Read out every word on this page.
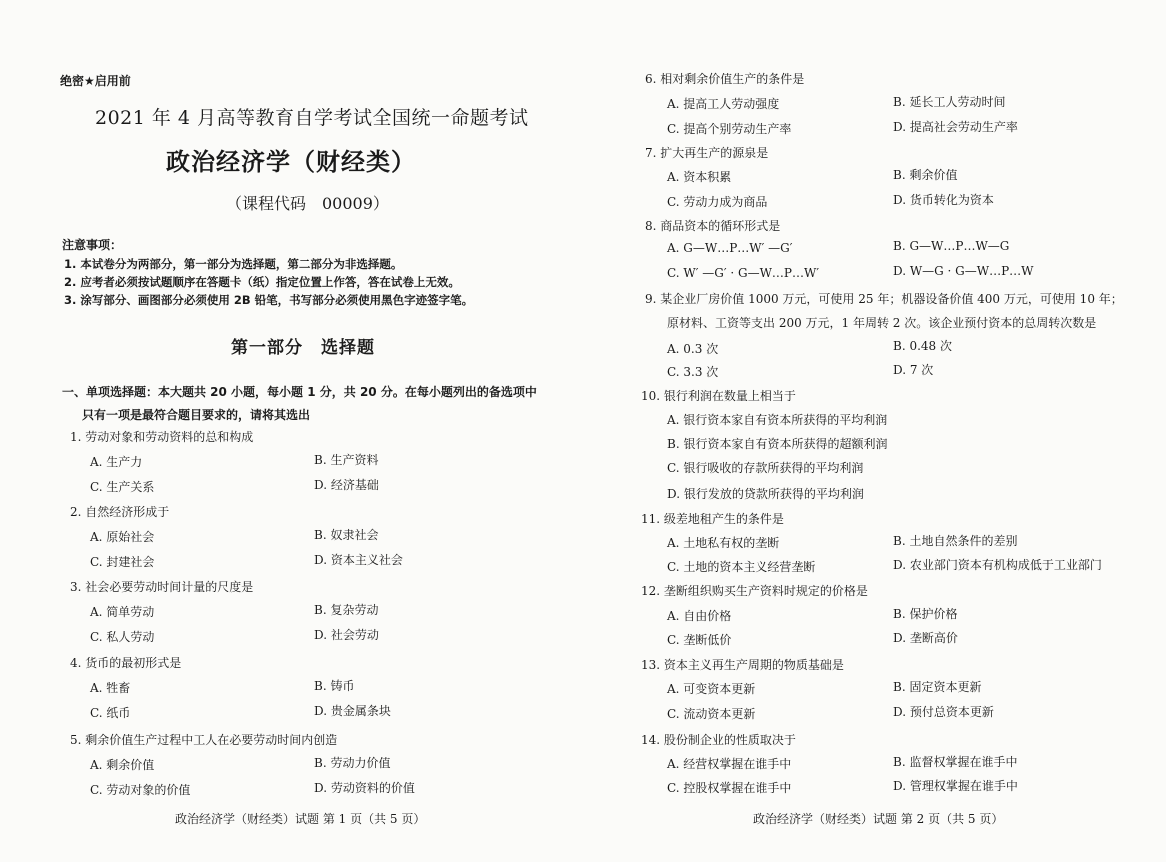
绝密★启用前
2021 年 4 月高等教育自学考试全国统一命题考试
政治经济学（财经类）
（课程代码　00009）
注意事项：
1. 本试卷分为两部分，第一部分为选择题，第二部分为非选择题。
2. 应考者必须按试题顺序在答题卡（纸）指定位置上作答，答在试卷上无效。
3. 涂写部分、画图部分必须使用 2B 铅笔，书写部分必须使用黑色字迹签字笔。
第一部分　选择题
一、单项选择题：本大题共 20 小题，每小题 1 分，共 20 分。在每小题列出的备选项中
只有一项是最符合题目要求的，请将其选出
1. 劳动对象和劳动资料的总和构成
A. 生产力	B. 生产资料
C. 生产关系	D. 经济基础
2. 自然经济形成于
A. 原始社会	B. 奴隶社会
C. 封建社会	D. 资本主义社会
3. 社会必要劳动时间计量的尺度是
A. 简单劳动	B. 复杂劳动
C. 私人劳动	D. 社会劳动
4. 货币的最初形式是
A. 牲畜	B. 铸币
C. 纸币	D. 贵金属条块
5. 剩余价值生产过程中工人在必要劳动时间内创造
A. 剩余价值	B. 劳动力价值
C. 劳动对象的价值	D. 劳动资料的价值
政治经济学（财经类）试题 第 1 页（共 5 页）
6. 相对剩余价值生产的条件是
A. 提高工人劳动强度	B. 延长工人劳动时间
C. 提高个别劳动生产率	D. 提高社会劳动生产率
7. 扩大再生产的源泉是
A. 资本积累	B. 剩余价值
C. 劳动力成为商品	D. 货币转化为资本
8. 商品资本的循环形式是
A. G—W…P…W′ —G′	B. G—W…P…W—G
C. W′ —G′ · G—W…P…W′	D. W—G · G—W…P…W
9. 某企业厂房价值 1000 万元，可使用 25 年；机器设备价值 400 万元，可使用 10 年；
原材料、工资等支出 200 万元，1 年周转 2 次。该企业预付资本的总周转次数是
A. 0.3 次	B. 0.48 次
C. 3.3 次	D. 7 次
10. 银行利润在数量上相当于
A. 银行资本家自有资本所获得的平均利润
B. 银行资本家自有资本所获得的超额利润
C. 银行吸收的存款所获得的平均利润
D. 银行发放的贷款所获得的平均利润
11. 级差地租产生的条件是
A. 土地私有权的垄断	B. 土地自然条件的差别
C. 土地的资本主义经营垄断	D. 农业部门资本有机构成低于工业部门
12. 垄断组织购买生产资料时规定的价格是
A. 自由价格	B. 保护价格
C. 垄断低价	D. 垄断高价
13. 资本主义再生产周期的物质基础是
A. 可变资本更新	B. 固定资本更新
C. 流动资本更新	D. 预付总资本更新
14. 股份制企业的性质取决于
A. 经营权掌握在谁手中	B. 监督权掌握在谁手中
C. 控股权掌握在谁手中	D. 管理权掌握在谁手中
政治经济学（财经类）试题 第 2 页（共 5 页）
